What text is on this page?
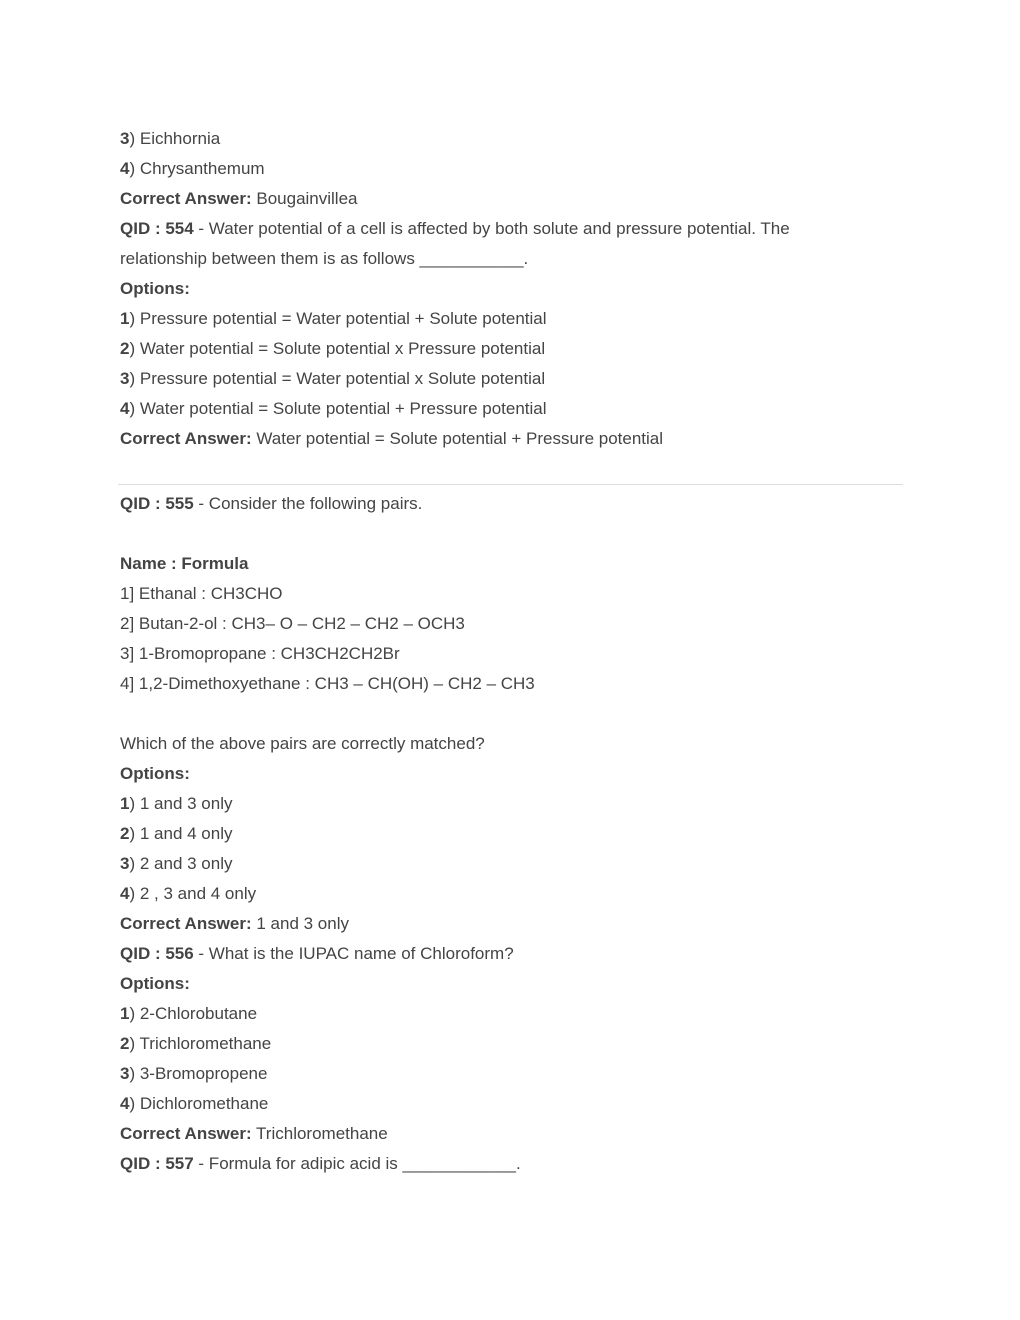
3) Eichhornia
4) Chrysanthemum
Correct Answer: Bougainvillea
QID : 554 - Water potential of a cell is affected by both solute and pressure potential. The
relationship between them is as follows ___________.
Options:
1) Pressure potential = Water potential + Solute potential
2) Water potential = Solute potential x Pressure potential
3) Pressure potential = Water potential x Solute potential
4) Water potential = Solute potential + Pressure potential
Correct Answer: Water potential = Solute potential + Pressure potential
QID : 555 - Consider the following pairs.
Name : Formula
1] Ethanal : CH3CHO
2] Butan-2-ol : CH3– O – CH2 – CH2 – OCH3
3] 1-Bromopropane : CH3CH2CH2Br
4] 1,2-Dimethoxyethane : CH3 – CH(OH) – CH2 – CH3
Which of the above pairs are correctly matched?
Options:
1) 1 and 3 only
2) 1 and 4 only
3) 2 and 3 only
4) 2 , 3 and 4 only
Correct Answer: 1 and 3 only
QID : 556 - What is the IUPAC name of Chloroform?
Options:
1) 2-Chlorobutane
2) Trichloromethane
3) 3-Bromopropene
4) Dichloromethane
Correct Answer: Trichloromethane
QID : 557 - Formula for adipic acid is ____________.
